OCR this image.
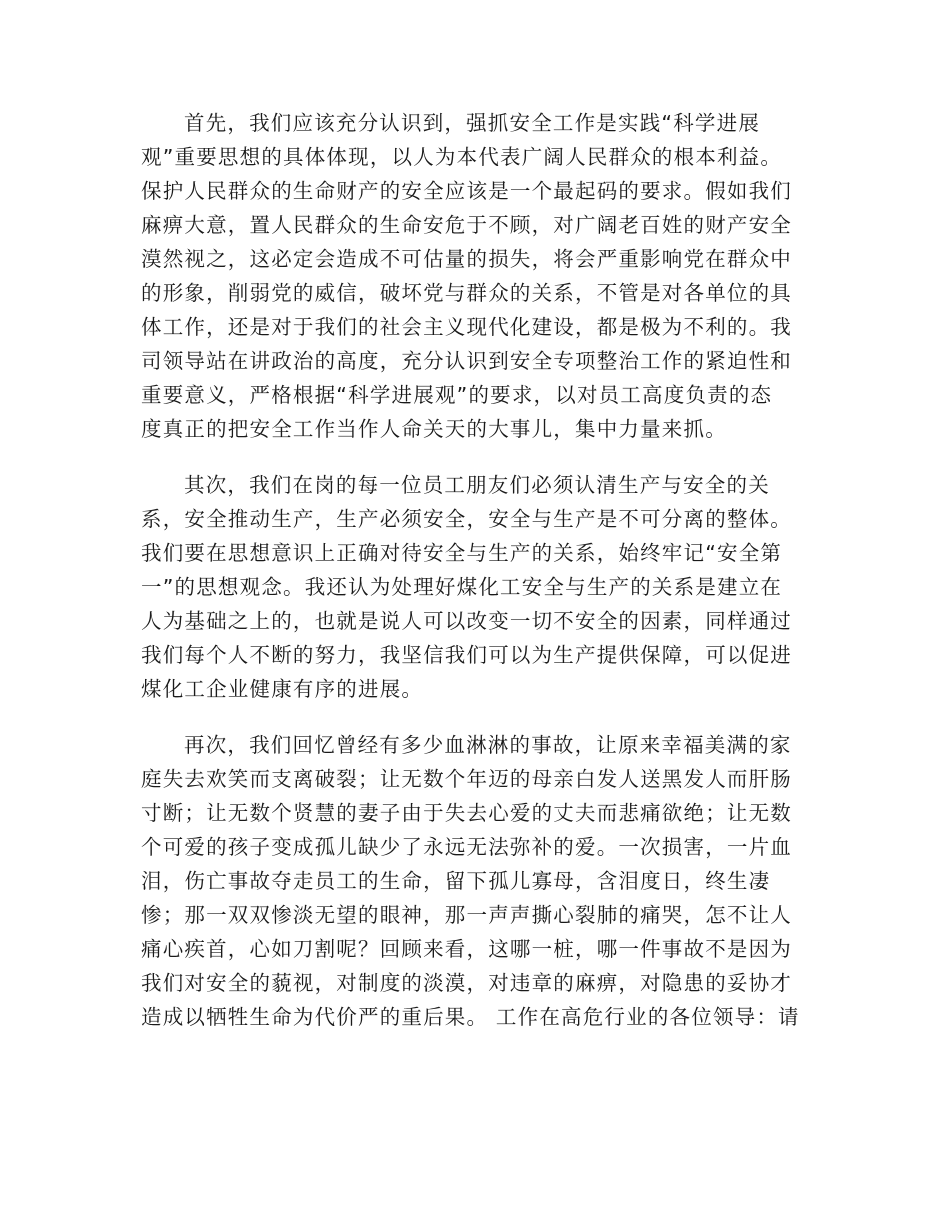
首先，我们应该充分认识到，强抓安全工作是实践“科学进展
观”重要思想的具体体现，以人为本代表广阔人民群众的根本利益。
保护人民群众的生命财产的安全应该是一个最起码的要求。假如我们
麻痹大意，置人民群众的生命安危于不顾，对广阔老百姓的财产安全
漠然视之，这必定会造成不可估量的损失，将会严重影响党在群众中
的形象，削弱党的威信，破坏党与群众的关系，不管是对各单位的具
体工作，还是对于我们的社会主义现代化建设，都是极为不利的。我
司领导站在讲政治的高度，充分认识到安全专项整治工作的紧迫性和
重要意义，严格根据“科学进展观”的要求，以对员工高度负责的态
度真正的把安全工作当作人命关天的大事儿，集中力量来抓。
其次，我们在岗的每一位员工朋友们必须认清生产与安全的关
系，安全推动生产，生产必须安全，安全与生产是不可分离的整体。
我们要在思想意识上正确对待安全与生产的关系，始终牢记“安全第
一”的思想观念。我还认为处理好煤化工安全与生产的关系是建立在
人为基础之上的，也就是说人可以改变一切不安全的因素，同样通过
我们每个人不断的努力，我坚信我们可以为生产提供保障，可以促进
煤化工企业健康有序的进展。
再次，我们回忆曾经有多少血淋淋的事故，让原来幸福美满的家
庭失去欢笑而支离破裂；让无数个年迈的母亲白发人送黑发人而肝肠
寸断；让无数个贤慧的妻子由于失去心爱的丈夫而悲痛欲绝；让无数
个可爱的孩子变成孤儿缺少了永远无法弥补的爱。一次损害，一片血
泪，伤亡事故夺走员工的生命，留下孤儿寡母，含泪度日，终生凄
惨；那一双双惨淡无望的眼神，那一声声撕心裂肺的痛哭，怎不让人
痛心疾首，心如刀割呢？回顾来看，这哪一桩，哪一件事故不是因为
我们对安全的藐视，对制度的淡漠，对违章的麻痹，对隐患的妥协才
造成以牺牲生命为代价严的重后果。 工作在高危行业的各位领导：请
